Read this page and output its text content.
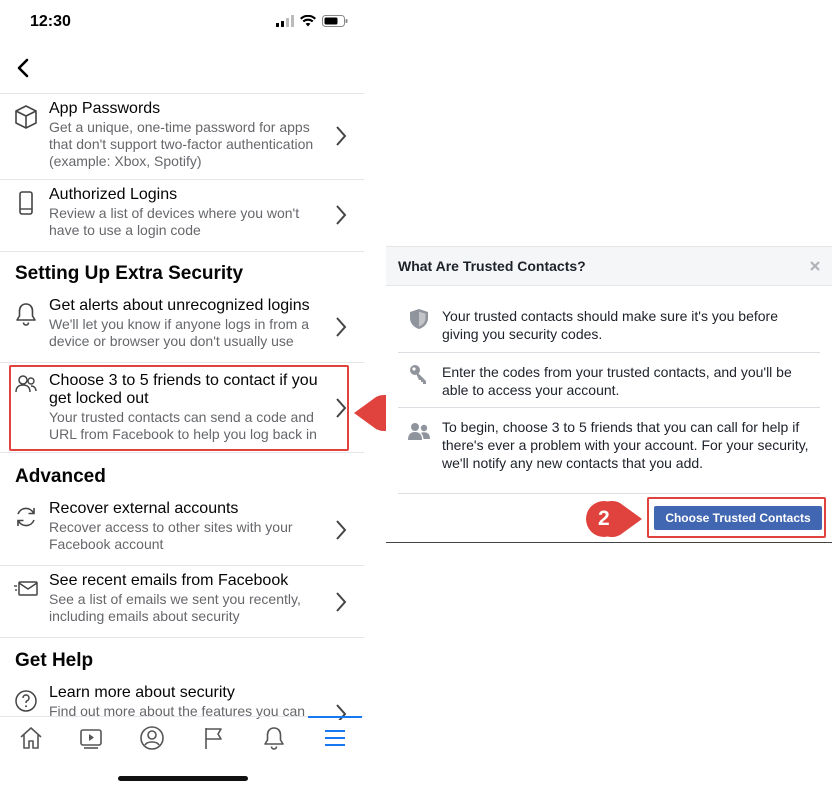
12:30
App Passwords
Get a unique, one-time password for apps that don't support two-factor authentication (example: Xbox, Spotify)
Authorized Logins
Review a list of devices where you won't have to use a login code
Setting Up Extra Security
Get alerts about unrecognized logins
We'll let you know if anyone logs in from a device or browser you don't usually use
Choose 3 to 5 friends to contact if you get locked out
Your trusted contacts can send a code and URL from Facebook to help you log back in
Advanced
Recover external accounts
Recover access to other sites with your Facebook account
See recent emails from Facebook
See a list of emails we sent you recently, including emails about security
Get Help
Learn more about security
Find out more about the features you can
What Are Trusted Contacts?
Your trusted contacts should make sure it's you before giving you security codes.
Enter the codes from your trusted contacts, and you'll be able to access your account.
To begin, choose 3 to 5 friends that you can call for help if there's ever a problem with your account. For your security, we'll notify any new contacts that you add.
Choose Trusted Contacts
2
